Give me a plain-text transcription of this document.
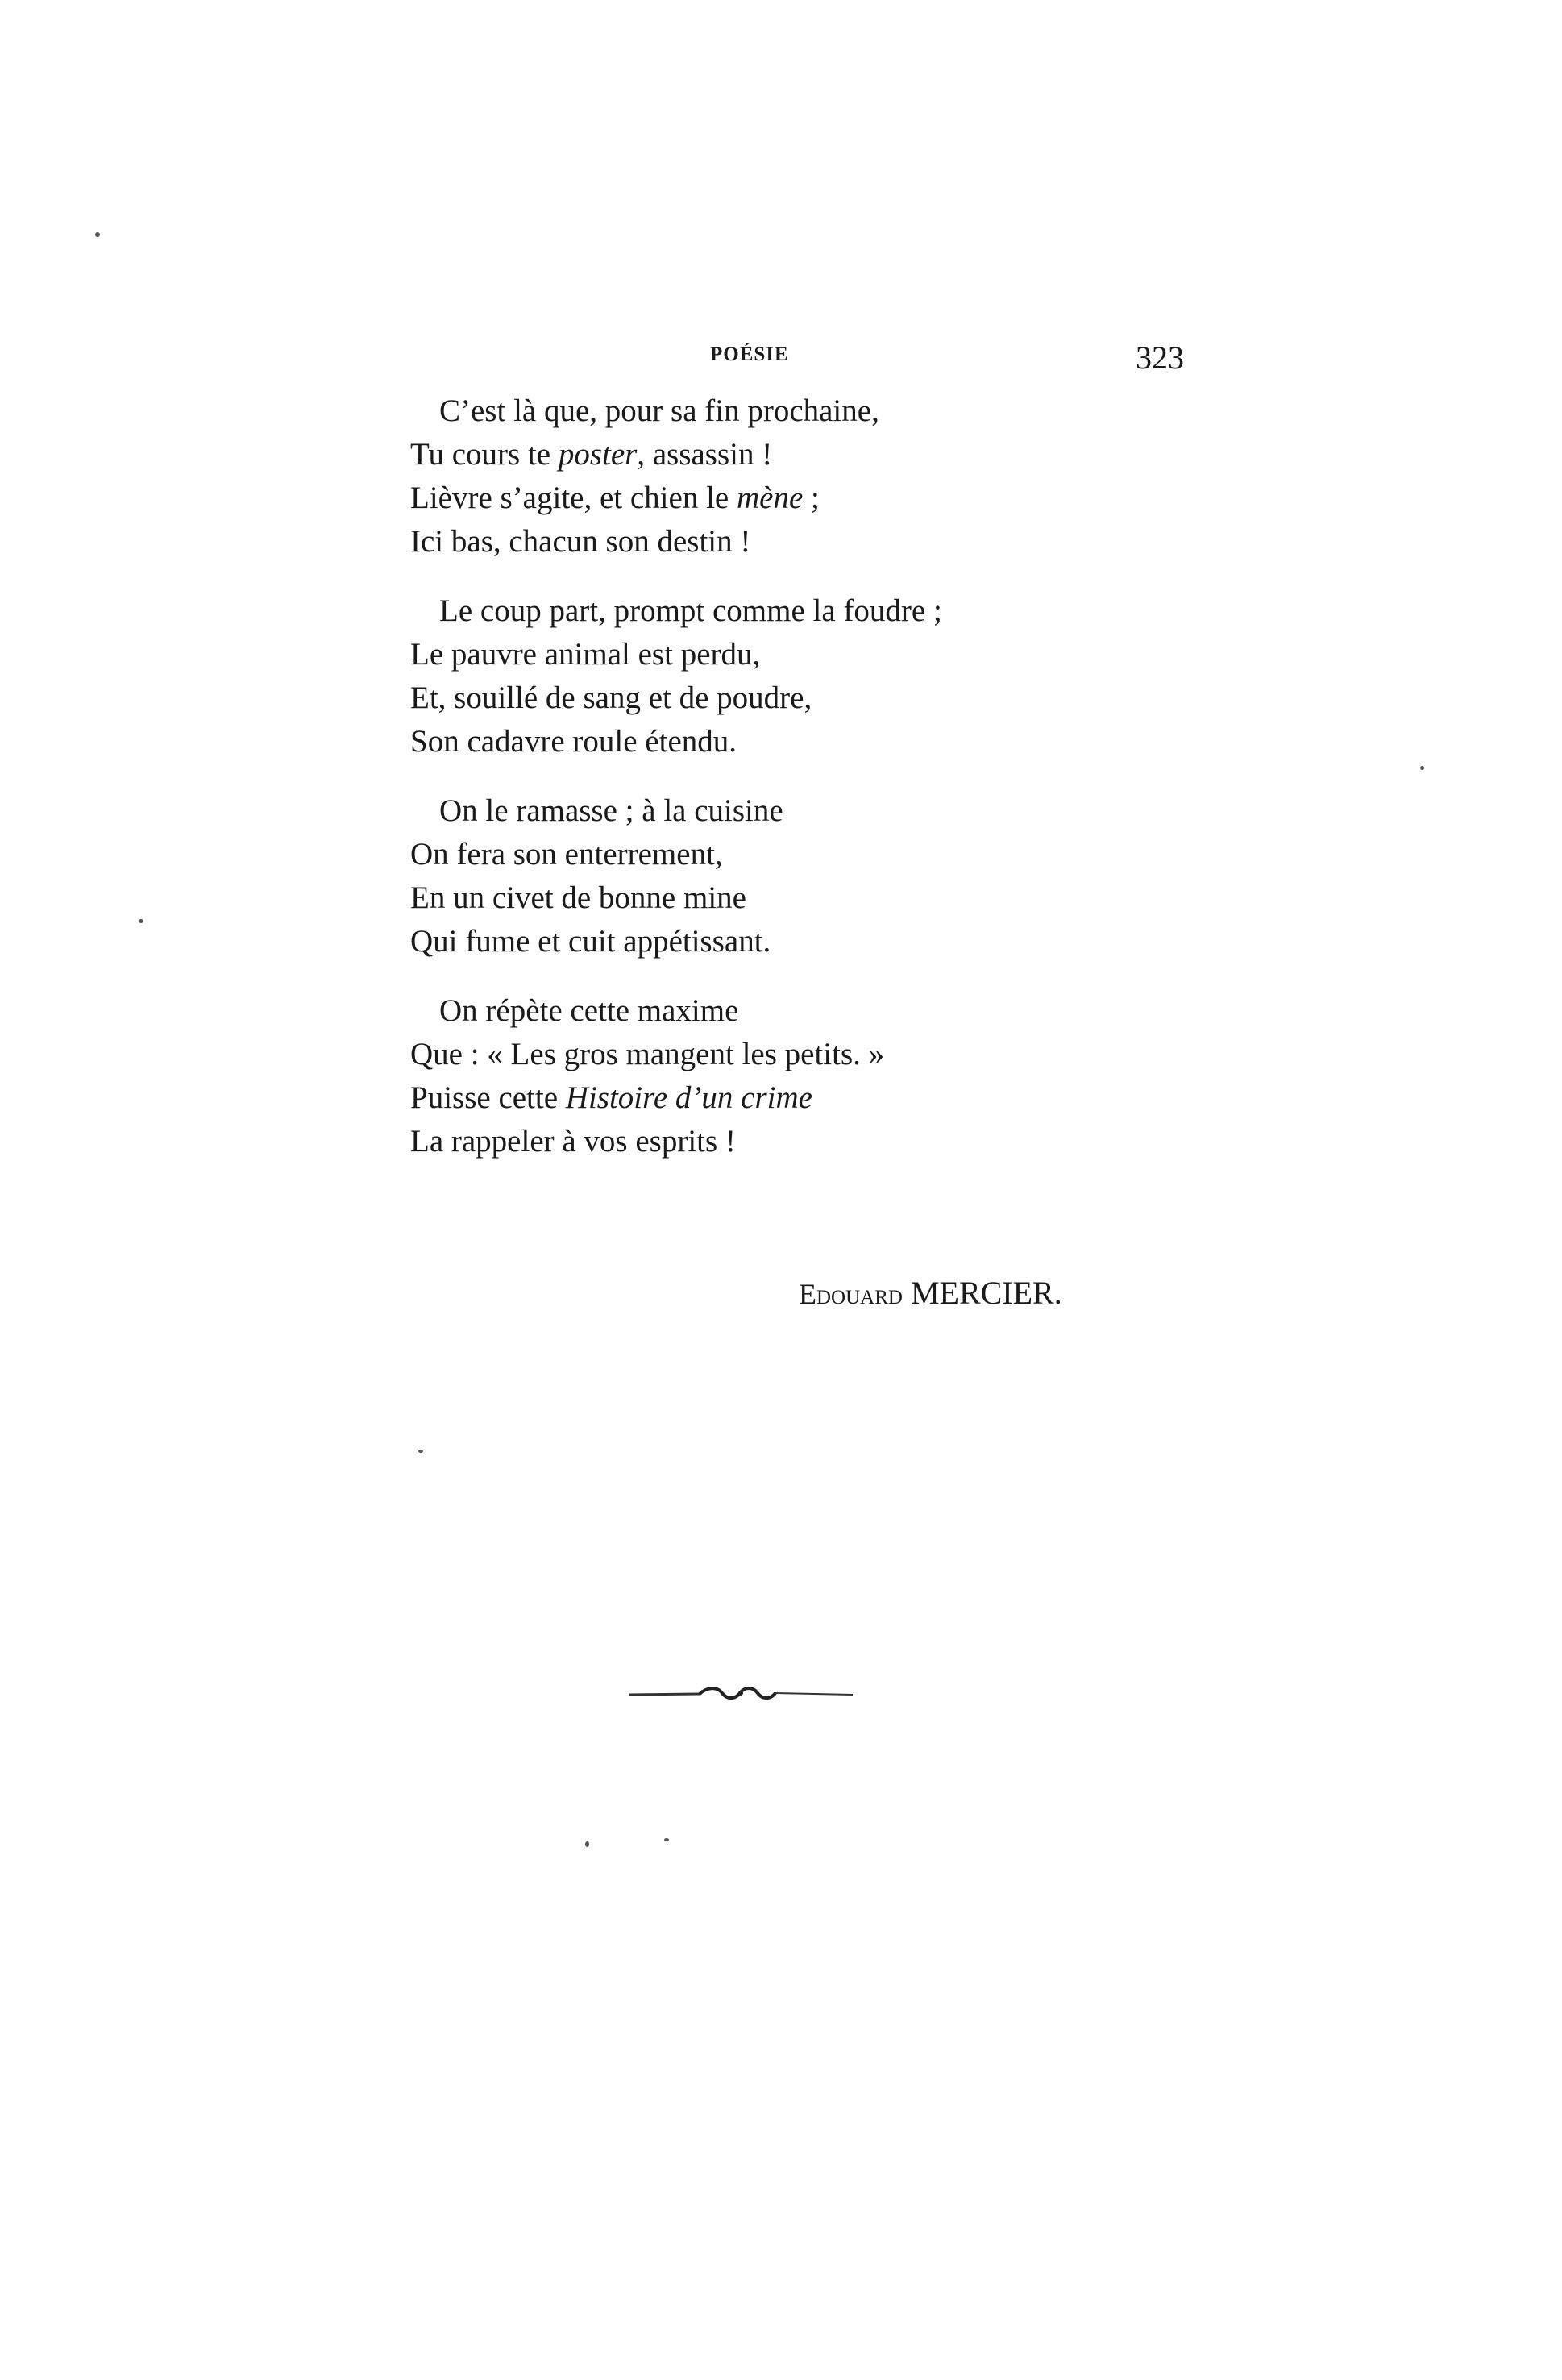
POÉSIE	323
C’est là que, pour sa fin prochaine,
Tu cours te poster, assassin !
Lièvre s’agite, et chien le mène ;
Ici bas, chacun son destin !
Le coup part, prompt comme la foudre ;
Le pauvre animal est perdu,
Et, souillé de sang et de poudre,
Son cadavre roule étendu.
On le ramasse ; à la cuisine
On fera son enterrement,
En un civet de bonne mine
Qui fume et cuit appétissant.
On répète cette maxime
Que : « Les gros mangent les petits. »
Puisse cette Histoire d’un crime
La rappeler à vos esprits !
Edouard MERCIER.
